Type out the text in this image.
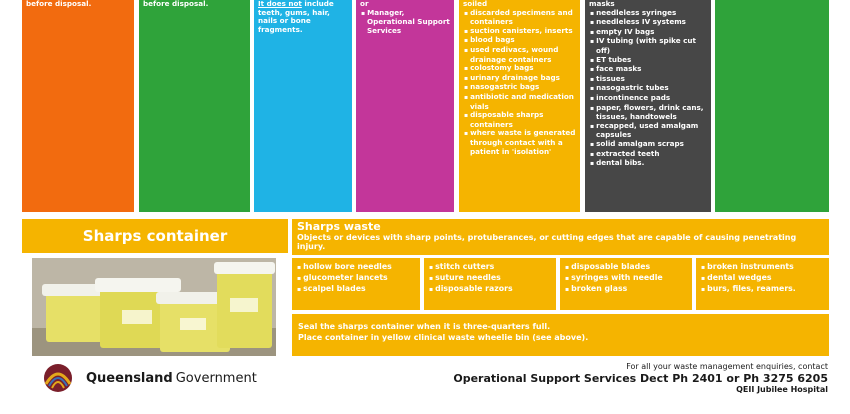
before disposal.	before disposal.	It does not include teeth, gums, hair, nails or bone fragments.
or
▪ Manager, Operational Support Services
soiled
▪ discarded specimens and containers
▪ suction canisters, inserts
▪ blood bags
▪ used redivacs, wound drainage containers
▪ colostomy bags
▪ urinary drainage bags
▪ nasogastric bags
▪ antibiotic and medication vials
▪ disposable sharps containers
▪ where waste is generated through contact with a patient in 'isolation'
masks
▪ needleless syringes
▪ needleless IV systems
▪ empty IV bags
▪ IV tubing (with spike cut off)
▪ ET tubes
▪ face masks
▪ tissues
▪ nasogastric tubes
▪ incontinence pads
▪ paper, flowers, drink cans, tissues, handtowels
▪ recapped, used amalgam capsules
▪ solid amalgam scraps
▪ extracted teeth
▪ dental bibs.
Sharps container
Sharps waste
Objects or devices with sharp points, protuberances, or cutting edges that are capable of causing penetrating injury.
▪ hollow bore needles
▪ glucometer lancets
▪ scalpel blades
▪ stitch cutters
▪ suture needles
▪ disposable razors
▪ disposable blades
▪ syringes with needle
▪ broken glass
▪ broken instruments
▪ dental wedges
▪ burs, files, reamers.
Seal the sharps container when it is three-quarters full.
Place container in yellow clinical waste wheelie bin (see above).
Queensland Government
For all your waste management enquiries, contact
Operational Support Services Dect Ph 2401 or Ph 3275 6205
QEII Jubilee Hospital
